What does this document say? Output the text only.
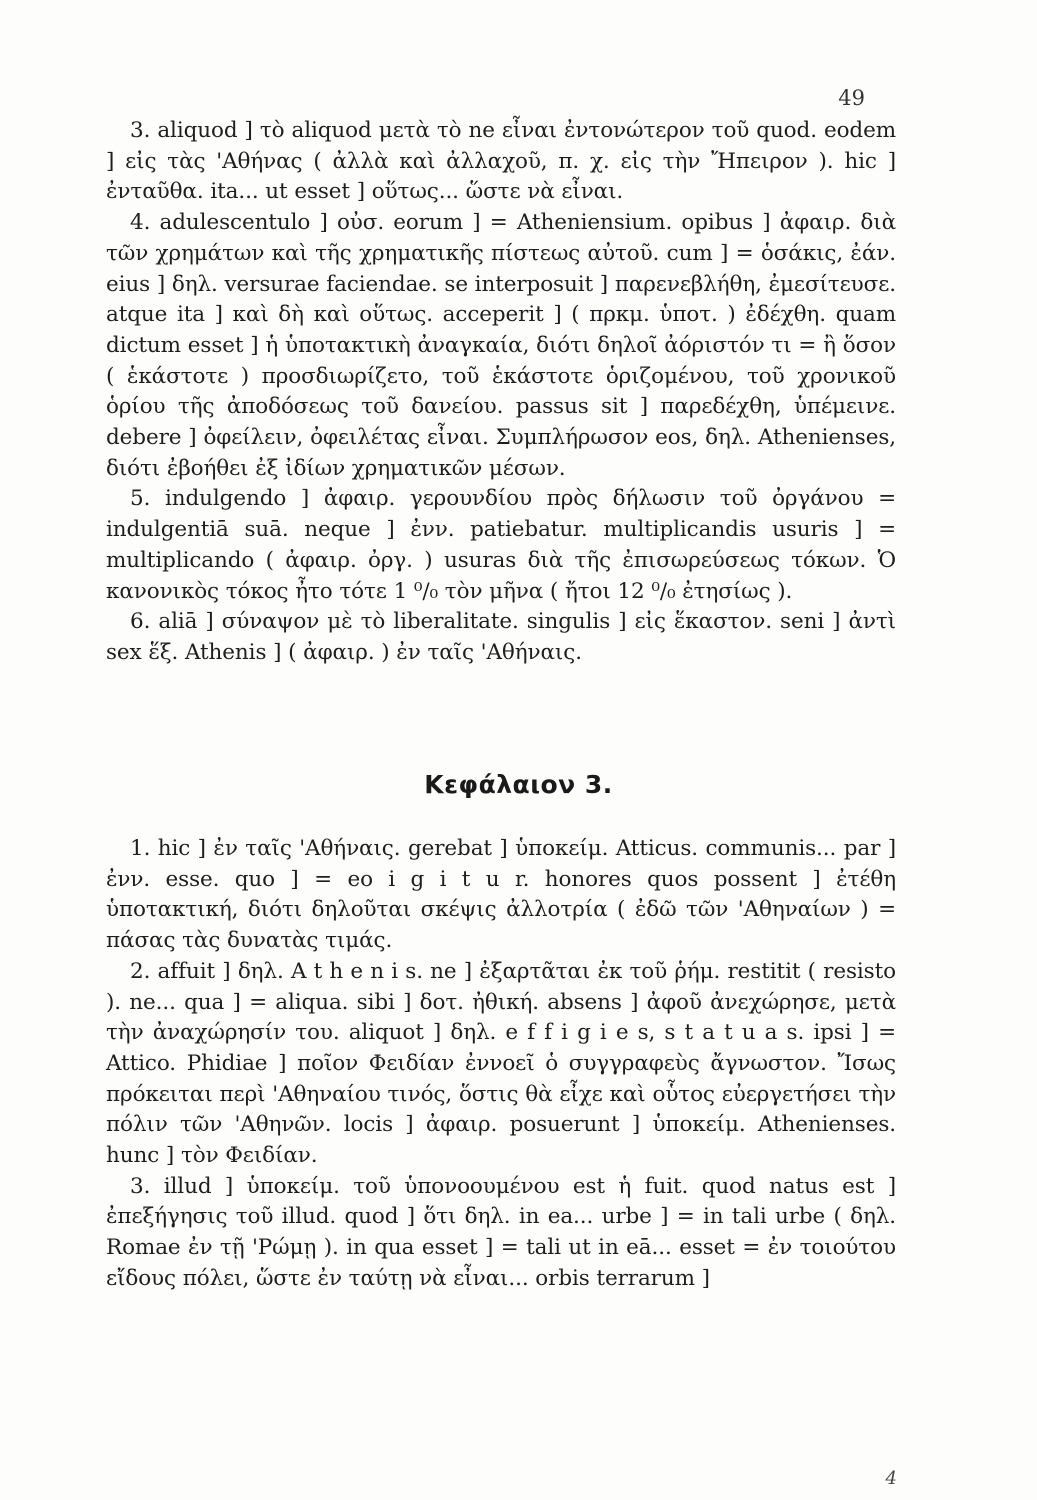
49

3. aliquod ] τὸ aliquod μετὰ τὸ ne εἶναι ἐντονώτερον τοῦ quod. eodem ] εἰς τὰς 'Αθήνας ( ἀλλὰ καὶ ἀλλαχοῦ, π. χ. εἰς τὴν Ἤπειρον ). hic ] ἐνταῦθα. ita... ut esset ] οὕτως... ὥστε νὰ εἶναι.

4. adulescentulo ] οὐσ. eorum ] = Atheniensium. opibus ] ἀφαιρ. διὰ τῶν χρημάτων καὶ τῆς χρηματικῆς πίστεως αὐτοῦ. cum ] = ὁσάκις, ἐάν. eius ] δηλ. versurae faciendae. se interposuit ] παρενεβλήθη, ἐμεσίτευσε. atque ita ] καὶ δὴ καὶ οὕτως. acceperit ] ( πρκμ. ὑποτ. ) ἐδέχθη. quam dictum esset ] ἡ ὑποτακτικὴ ἀναγκαία, διότι δηλοῖ ἀόριστόν τι = ἢ ὅσον ( ἑκάστοτε ) προσδιωρίζετο, τοῦ ἑκάστοτε ὁριζομένου, τοῦ χρονικοῦ ὁρίου τῆς ἀποδόσεως τοῦ δανείου. passus sit ] παρεδέχθη, ὑπέμεινε. debere ] ὀφείλειν, ὀφειλέτας εἶναι. Συμπλήρωσον eos, δηλ. Athenienses, διότι ἐβοήθει ἐξ ἰδίων χρηματικῶν μέσων.

5. indulgendo ] ἀφαιρ. γερουνδίου πρὸς δήλωσιν τοῦ ὀργάνου = indulgentiā suā. neque ] ἐνν. patiebatur. multiplicandis usuris ] = multiplicando ( ἀφαιρ. ὀργ. ) usuras διὰ τῆς ἐπισωρεύσεως τόκων. Ὁ κανονικὸς τόκος ἦτο τότε 1 ⁰/₀ τὸν μῆνα ( ἤτοι 12 ⁰/₀ ἐτησίως ).

6. aliā ] σύναψον μὲ τὸ liberalitate. singulis ] εἰς ἕκαστον. seni ] ἀντὶ sex ἕξ. Athenis ] ( ἀφαιρ. ) ἐν ταῖς 'Αθήναις.

Κεφάλαιον 3.

1. hic ] ἐν ταῖς 'Αθήναις. gerebat ] ὑποκείμ. Atticus. communis... par ] ἐνν. esse. quo ] = eo i g i t u r. honores quos possent ] ἐτέθη ὑποτακτική, διότι δηλοῦται σκέψις ἀλλοτρία ( ἐδῶ τῶν 'Αθηναίων ) = πάσας τὰς δυνατὰς τιμάς.

2. affuit ] δηλ. A t h e n i s. ne ] ἐξαρτᾶται ἐκ τοῦ ῥήμ. restitit ( resisto ). ne... qua ] = aliqua. sibi ] δοτ. ἠθική. absens ] ἀφοῦ ἀνεχώρησε, μετὰ τὴν ἀναχώρησίν του. aliquot ] δηλ. e f f i g i e s, s t a t u a s. ipsi ] = Attico. Phidiae ] ποῖον Φειδίαν ἐννοεῖ ὁ συγγραφεὺς ἄγνωστον. Ἴσως πρόκειται περὶ 'Αθηναίου τινός, ὅστις θὰ εἶχε καὶ οὗτος εὐεργετήσει τὴν πόλιν τῶν 'Αθηνῶν. locis ] ἀφαιρ. posuerunt ] ὑποκείμ. Athenienses. hunc ] τὸν Φειδίαν.

3. illud ] ὑποκείμ. τοῦ ὑπονοουμένου est ἡ fuit. quod natus est ] ἐπεξήγησις τοῦ illud. quod ] ὅτι δηλ. in ea... urbe ] = in tali urbe ( δηλ. Romae ἐν τῇ 'Ρώμῃ ). in qua esset ] = tali ut in eā... esset = ἐν τοιούτου εἴδους πόλει, ὥστε ἐν ταύτῃ νὰ εἶναι... orbis terrarum ]

4
